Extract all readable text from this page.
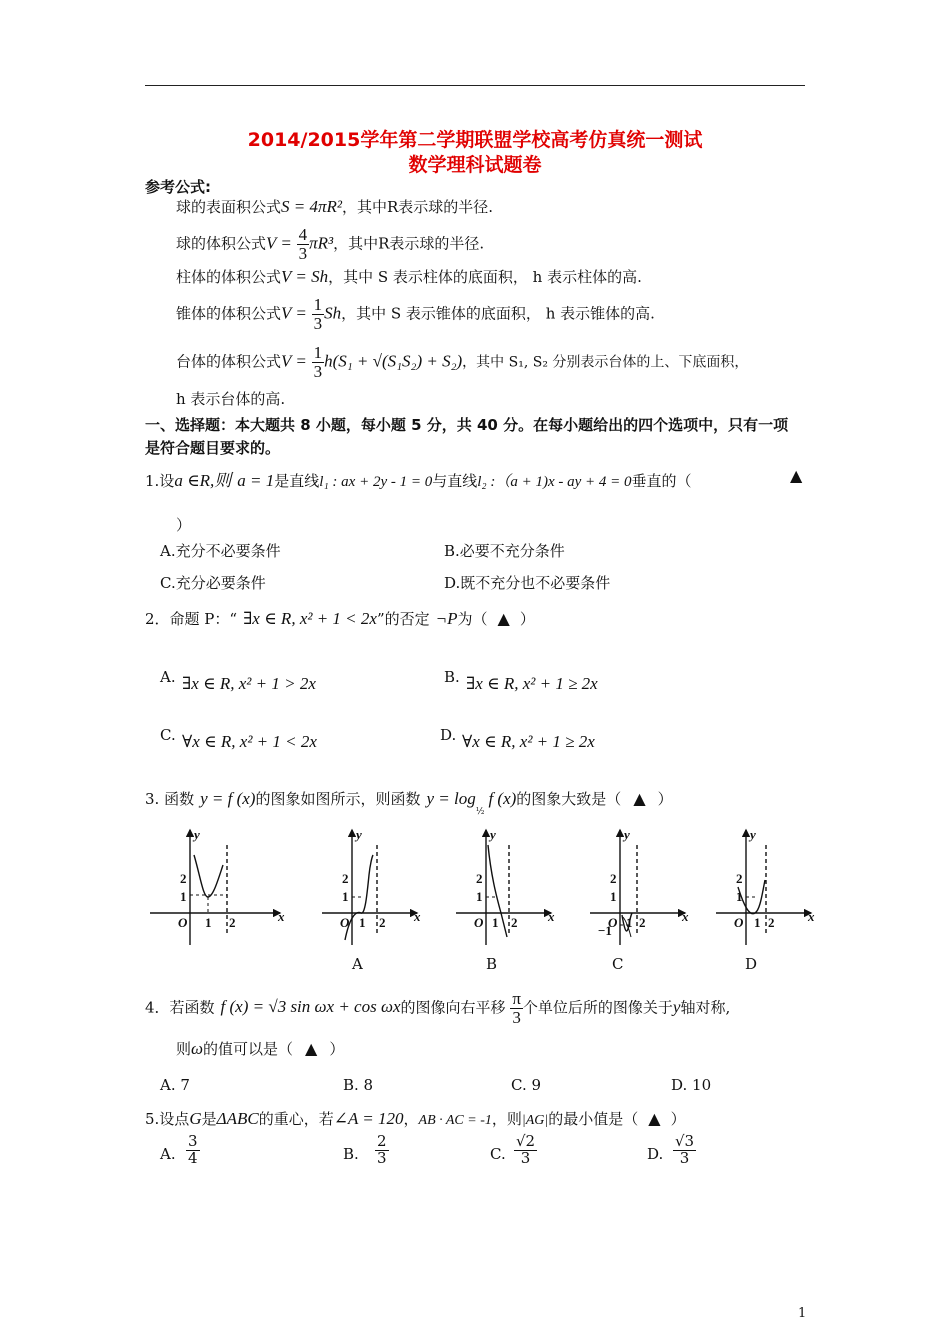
2014/2015学年第二学期联盟学校高考仿真统一测试
数学理科试题卷
参考公式:
球的表面积公式S = 4πR²，其中R表示球的半径.
球的体积公式$V = \frac{4}{3} \pi R^3$，其中R表示球的半径.
柱体的体积公式V = Sh，其中 S 表示柱体的底面积， h 表示柱体的高.
锥体的体积公式$V = \frac{1}{3}$ Sh，其中 S 表示锥体的底面积， h 表示锥体的高.
台体的体积公式$V = \frac{1}{3} h(S_1 + √(S_1S_2) + S_2)$，其中 S₁, S₂ 分别表示台体的上、下底面积，
h 表示台体的高.
一、选择题：本大题共 8 小题，每小题 5 分，共 40 分。在每小题给出的四个选项中，只有一项
是符合题目要求的。
1.设a ∈R,则 a = 1是直线l₁ : ax + 2y - 1 = 0与直线l₂ :（a + 1)x - ay + 4 = 0垂直的（	▲
）
A.充分不必要条件	B.必要不充分条件
C.充分必要条件	D.既不充分也不必要条件
2．命题 P：“ ∃x ∈ R, x² + 1 < 2x”的否定 ¬P为（ ▲ ）
A. ∃x ∈ R, x² + 1 > 2x	B. ∃x ∈ R, x² + 1 ≥ 2x
C. ∀x ∈ R, x² + 1 < 2x	D. ∀x ∈ R, x² + 1 ≥ 2x
3. 函数 y = f (x)的图象如图所示，则函数 $y = \log_{\frac{1}{2}}f$ (x)的图象大致是（ ▲ ）
y
x
O
2
1
1 2
y
x
O
2
1
1 2
y
x
O
2
1
1 2
y
x
O
2
1
1 2
y
x
O
2
1
1 2
−1
A	B	C	D
4．若函数 f (x) = √3 sin ωx + cos ωx的图像向右平移 $\frac{\pi}{3}$ 个单位后所的图像关于y轴对称,
则ω的值可以是（ ▲ ）
A. 7	B. 8	C. 9	D. 10
5.设点G是ΔABC的重心，若∠A = 120，AB · AC = -1，则|AG|的最小值是（ ▲ ）
A. $\frac{3}{4}$	B. $\frac{2}{3}$	C. $\frac{√2}{3}$	D. $\frac{√3}{3}$
1
